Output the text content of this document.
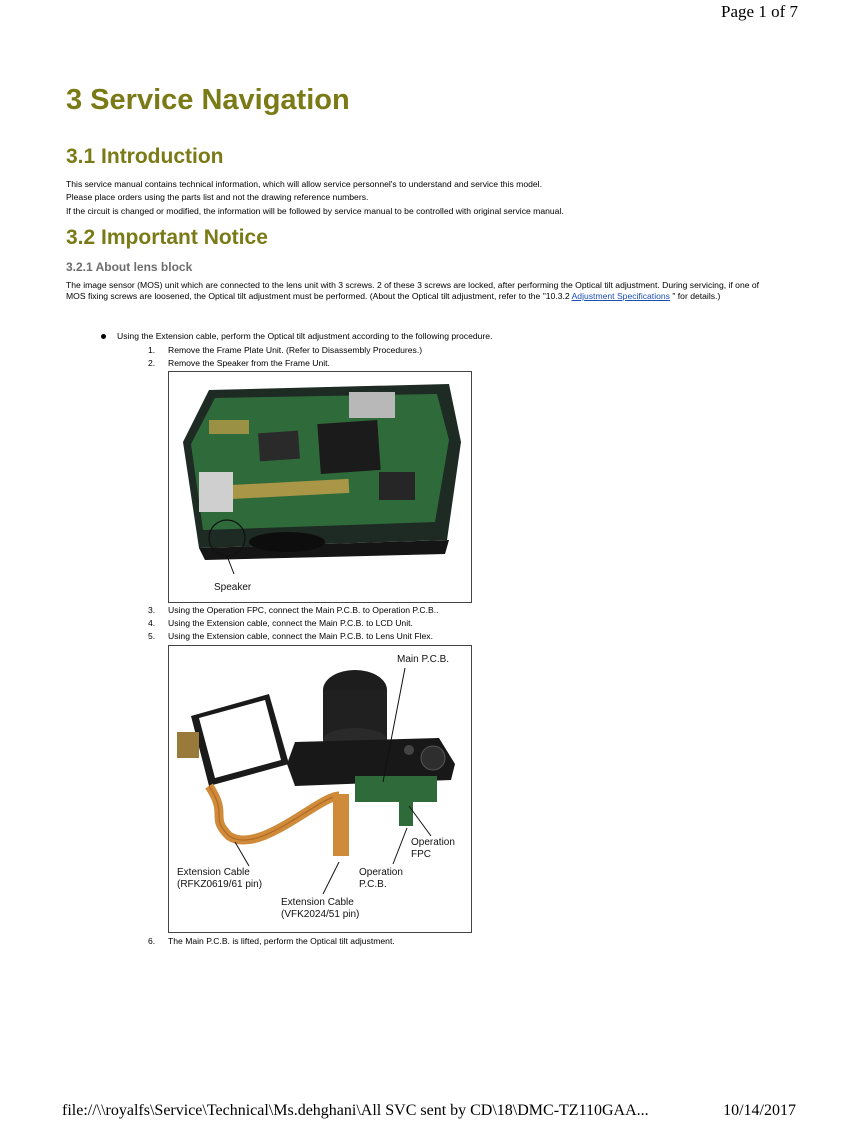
Page 1 of 7
3 Service Navigation
3.1 Introduction
This service manual contains technical information, which will allow service personnel's to understand and service this model.
Please place orders using the parts list and not the drawing reference numbers.
If the circuit is changed or modified, the information will be followed by service manual to be controlled with original service manual.
3.2 Important Notice
3.2.1 About lens block

The image sensor (MOS) unit which are connected to the lens unit with 3 screws. 2 of these 3 screws are locked, after performing the Optical tilt adjustment. During servicing, if one of MOS fixing screws are loosened, the Optical tilt adjustment must be performed. (About the Optical tilt adjustment, refer to the "10.3.2 Adjustment Specifications " for details.)

Using the Extension cable, perform the Optical tilt adjustment according to the following procedure.
1. Remove the Frame Plate Unit. (Refer to Disassembly Procedures.)
2. Remove the Speaker from the Frame Unit.
Speaker
3. Using the Operation FPC, connect the Main P.C.B. to Operation P.C.B..
4. Using the Extension cable, connect the Main P.C.B. to LCD Unit.
5. Using the Extension cable, connect the Main P.C.B. to Lens Unit Flex.
Main P.C.B.
Operation
FPC
Extension Cable
(RFKZ0619/61 pin)
Operation
P.C.B.
Extension Cable
(VFK2024/51 pin)
6. The Main P.C.B. is lifted, perform the Optical tilt adjustment.
file://\\royalfs\Service\Technical\Ms.dehghani\All SVC sent by CD\18\DMC-TZ110GAA...	10/14/2017
